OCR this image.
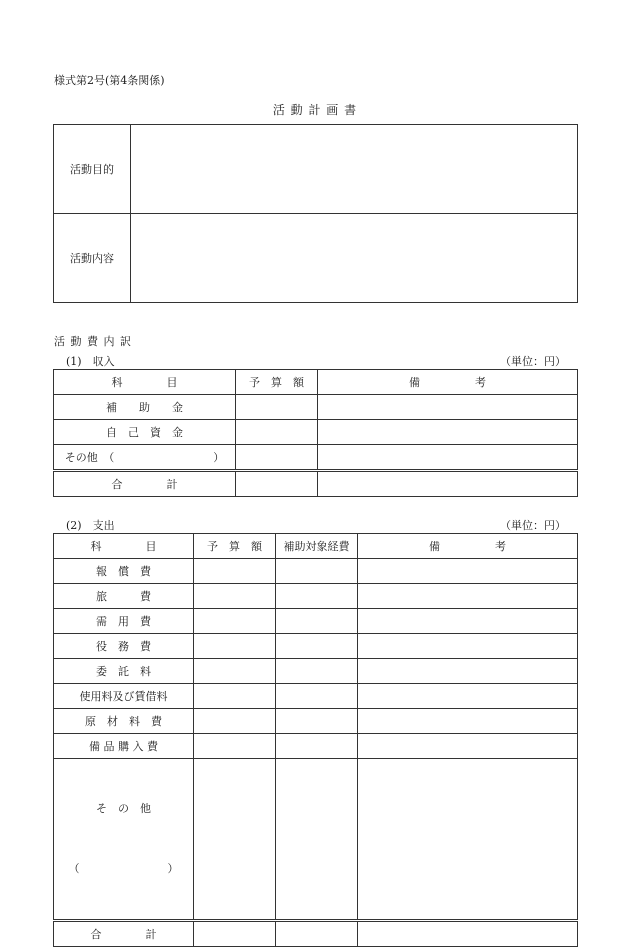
様式第2号(第4条関係)
活 動 計 画 書
活動目的	
活動内容	
活 動 費 内 訳
(1)　収入	（単位：円）
科　　　　目	予　算　額	備　　　　　考
補　　助　　金		
自　己　資　金		
その他　（　　　　　　　　　）		
合　　　　計		
(2)　支出	（単位：円）
科　　　　目	予　算　額	補助対象経費	備　　　　　考
報　償　費			
旅　　　費			
需　用　費			
役　務　費			
委　託　料			
使用料及び賃借料			
原　材　料　費			
備 品 購 入 費			

そ　の　他

（　　　　　　　　）			

合　　　　計			
